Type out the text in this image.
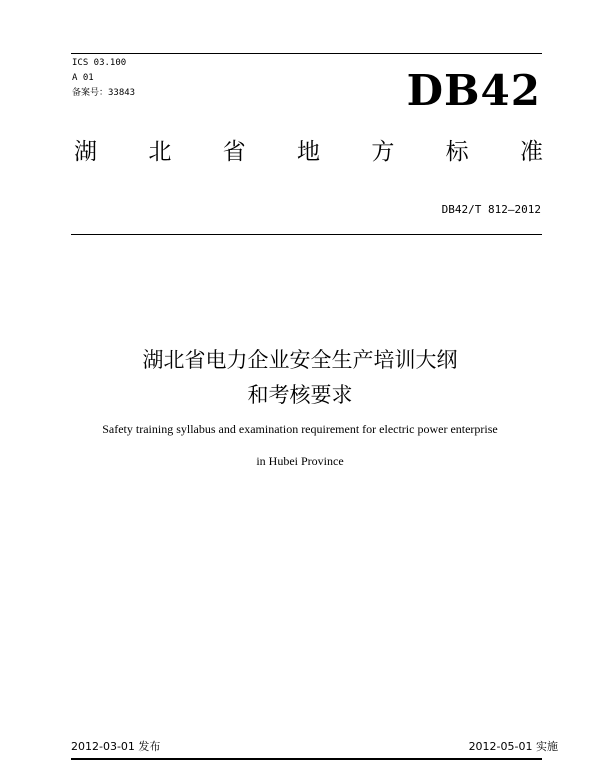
ICS 03.100
A 01
备案号：33843	DB42
湖 北 省 地 方 标 准
DB42/T 812—2012
湖北省电力企业安全生产培训大纲
和考核要求
Safety training syllabus and examination requirement for electric power enterprise
in Hubei Province
2012-03-01 发布	2012-05-01 实施
